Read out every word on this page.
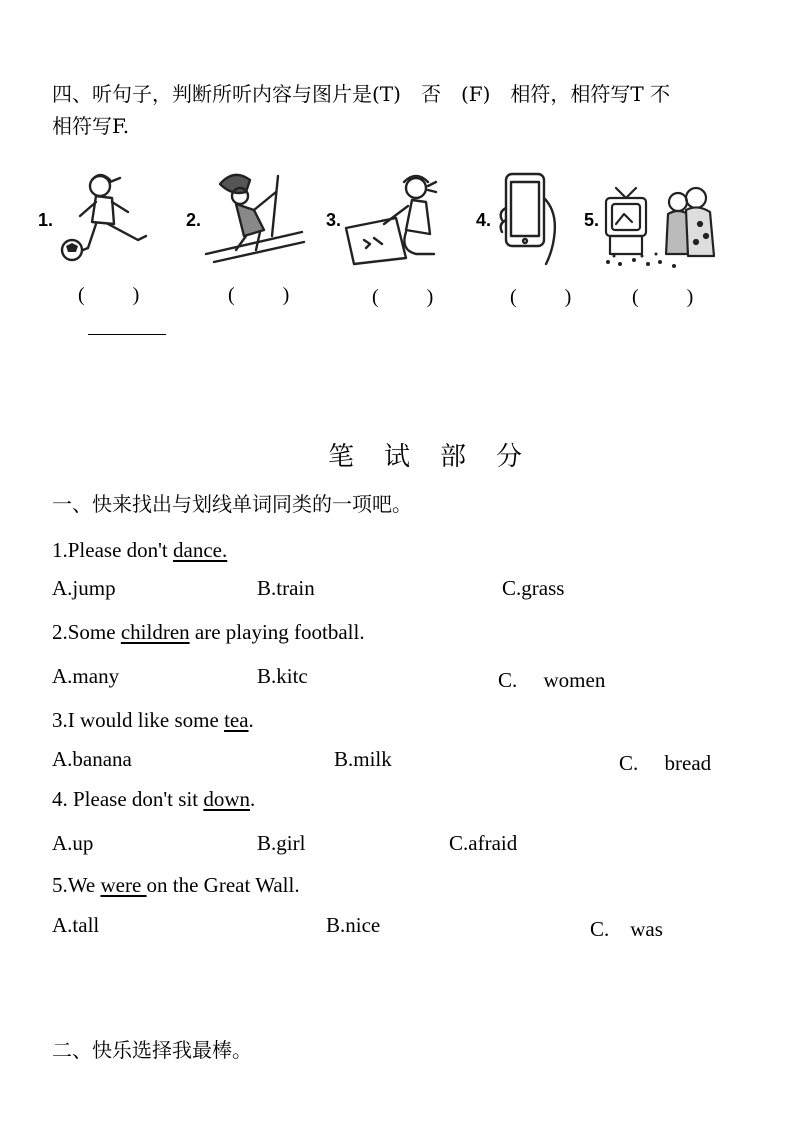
四、听句子，判断所听内容与图片是(T)　否　(F)　相符，相符写T 不
相符写F.
1.
(　)
2.
(　)
3.
(　)
4.
(　)
5.
(　)
笔　试　部　分
一、快来找出与划线单词同类的一项吧。
1.Please don't dance.
A.jump	B.train	C.grass
2.Some children are playing football.
A.many	B.kitc	C.　 women
3.I would like some tea.
A.banana	B.milk	C.　 bread
4. Please don't sit down.
A.up	B.girl	C.afraid
5.We were on the Great Wall.
A.tall	B.nice	C.　was
二、快乐选择我最棒。
